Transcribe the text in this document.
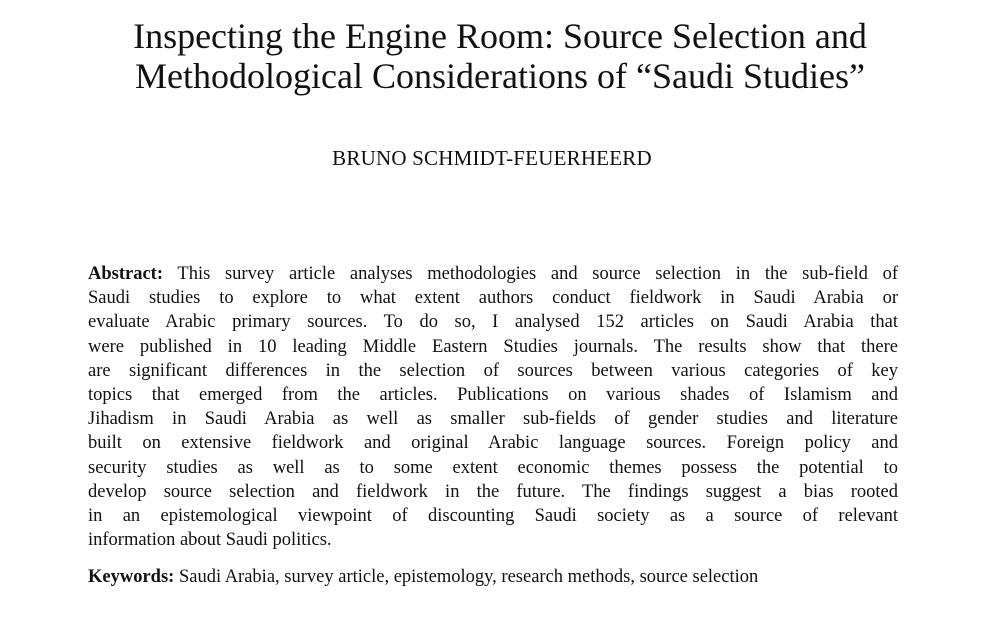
Inspecting the Engine Room: Source Selection and
Methodological Considerations of “Saudi Studies”
BRUNO SCHMIDT-FEUERHEERD
Abstract: This survey article analyses methodologies and source selection in the sub-field of
Saudi studies to explore to what extent authors conduct fieldwork in Saudi Arabia or
evaluate Arabic primary sources. To do so, I analysed 152 articles on Saudi Arabia that
were published in 10 leading Middle Eastern Studies journals. The results show that there
are significant differences in the selection of sources between various categories of key
topics that emerged from the articles. Publications on various shades of Islamism and
Jihadism in Saudi Arabia as well as smaller sub-fields of gender studies and literature
built on extensive fieldwork and original Arabic language sources. Foreign policy and
security studies as well as to some extent economic themes possess the potential to
develop source selection and fieldwork in the future. The findings suggest a bias rooted
in an epistemological viewpoint of discounting Saudi society as a source of relevant
information about Saudi politics.

Keywords: Saudi Arabia, survey article, epistemology, research methods, source selection
